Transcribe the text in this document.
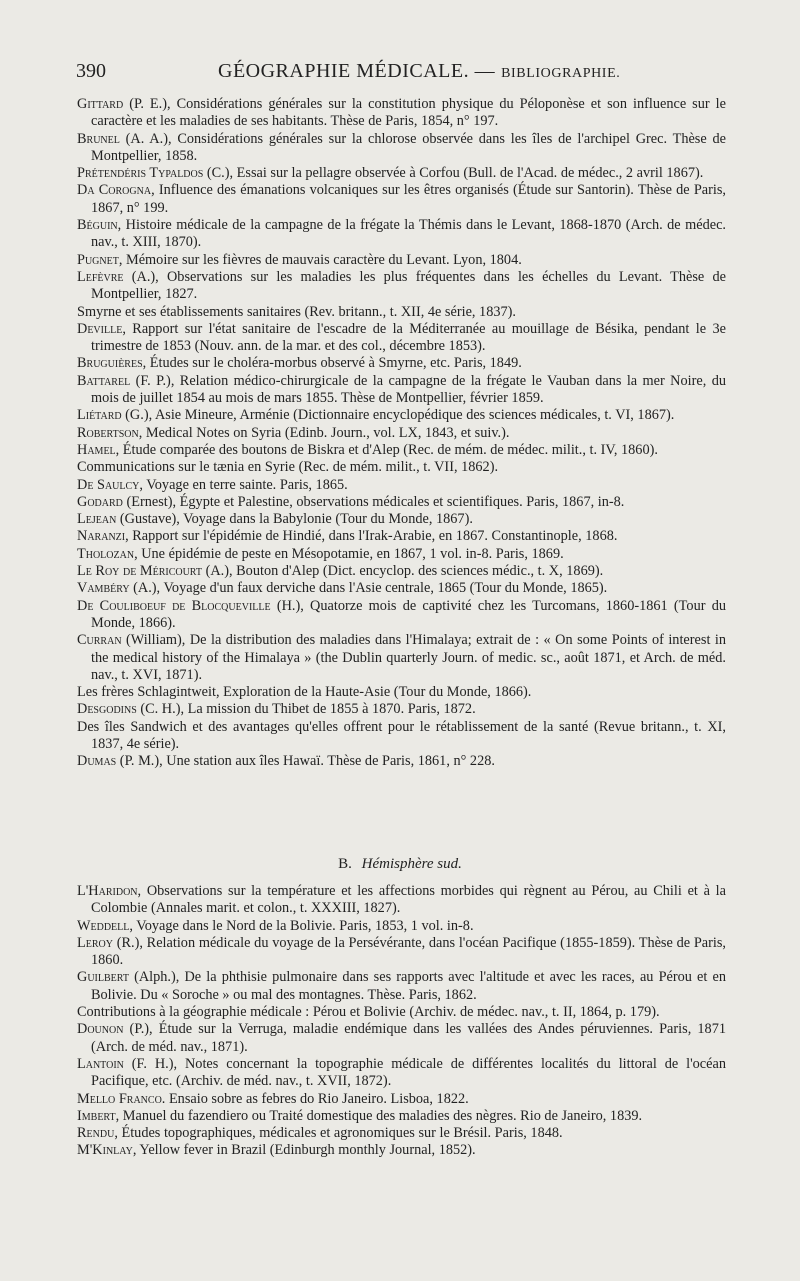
390	GÉOGRAPHIE MÉDICALE. — BIBLIOGRAPHIE.
Gittard (P. E.), Considérations générales sur la constitution physique du Péloponèse et son influence sur le caractère et les maladies de ses habitants. Thèse de Paris, 1854, n° 197.
Brunel (A. A.), Considérations générales sur la chlorose observée dans les îles de l'archipel Grec. Thèse de Montpellier, 1858.
Prétendéris Typaldos (C.), Essai sur la pellagre observée à Corfou (Bull. de l'Acad. de médec., 2 avril 1867).
Da Corogna, Influence des émanations volcaniques sur les êtres organisés (Étude sur Santorin). Thèse de Paris, 1867, n° 199.
Béguin, Histoire médicale de la campagne de la frégate la Thémis dans le Levant, 1868-1870 (Arch. de médec. nav., t. XIII, 1870).
Pugnet, Mémoire sur les fièvres de mauvais caractère du Levant. Lyon, 1804.
Lefèvre (A.), Observations sur les maladies les plus fréquentes dans les échelles du Levant. Thèse de Montpellier, 1827.
Smyrne et ses établissements sanitaires (Rev. britann., t. XII, 4e série, 1837).
Deville, Rapport sur l'état sanitaire de l'escadre de la Méditerranée au mouillage de Bésika, pendant le 3e trimestre de 1853 (Nouv. ann. de la mar. et des col., décembre 1853).
Bruguières, Études sur le choléra-morbus observé à Smyrne, etc. Paris, 1849.
Battarel (F. P.), Relation médico-chirurgicale de la campagne de la frégate le Vauban dans la mer Noire, du mois de juillet 1854 au mois de mars 1855. Thèse de Montpellier, février 1859.
Liétard (G.), Asie Mineure, Arménie (Dictionnaire encyclopédique des sciences médicales, t. VI, 1867).
Robertson, Medical Notes on Syria (Edinb. Journ., vol. LX, 1843, et suiv.).
Hamel, Étude comparée des boutons de Biskra et d'Alep (Rec. de mém. de médec. milit., t. IV, 1860).
Communications sur le tænia en Syrie (Rec. de mém. milit., t. VII, 1862).
De Saulcy, Voyage en terre sainte. Paris, 1865.
Godard (Ernest), Égypte et Palestine, observations médicales et scientifiques. Paris, 1867, in-8.
Lejean (Gustave), Voyage dans la Babylonie (Tour du Monde, 1867).
Naranzi, Rapport sur l'épidémie de Hindié, dans l'Irak-Arabie, en 1867. Constantinople, 1868.
Tholozan, Une épidémie de peste en Mésopotamie, en 1867, 1 vol. in-8. Paris, 1869.
Le Roy de Méricourt (A.), Bouton d'Alep (Dict. encyclop. des sciences médic., t. X, 1869).
Vambéry (A.), Voyage d'un faux derviche dans l'Asie centrale, 1865 (Tour du Monde, 1865).
De Couliboeuf de Blocqueville (H.), Quatorze mois de captivité chez les Turcomans, 1860-1861 (Tour du Monde, 1866).
Curran (William), De la distribution des maladies dans l'Himalaya; extrait de : « On some Points of interest in the medical history of the Himalaya » (the Dublin quarterly Journ. of medic. sc., août 1871, et Arch. de méd. nav., t. XVI, 1871).
Les frères Schlagintweit, Exploration de la Haute-Asie (Tour du Monde, 1866).
Desgodins (C. H.), La mission du Thibet de 1855 à 1870. Paris, 1872.
Des îles Sandwich et des avantages qu'elles offrent pour le rétablissement de la santé (Revue britann., t. XI, 1837, 4e série).
Dumas (P. M.), Une station aux îles Hawaï. Thèse de Paris, 1861, n° 228.
B. Hémisphère sud.
L'Haridon, Observations sur la température et les affections morbides qui règnent au Pérou, au Chili et à la Colombie (Annales marit. et colon., t. XXXIII, 1827).
Weddell, Voyage dans le Nord de la Bolivie. Paris, 1853, 1 vol. in-8.
Leroy (R.), Relation médicale du voyage de la Persévérante, dans l'océan Pacifique (1855-1859). Thèse de Paris, 1860.
Guilbert (Alph.), De la phthisie pulmonaire dans ses rapports avec l'altitude et avec les races, au Pérou et en Bolivie. Du « Soroche » ou mal des montagnes. Thèse. Paris, 1862.
Contributions à la géographie médicale : Pérou et Bolivie (Archiv. de médec. nav., t. II, 1864, p. 179).
Dounon (P.), Étude sur la Verruga, maladie endémique dans les vallées des Andes péruviennes. Paris, 1871 (Arch. de méd. nav., 1871).
Lantoin (F. H.), Notes concernant la topographie médicale de différentes localités du littoral de l'océan Pacifique, etc. (Archiv. de méd. nav., t. XVII, 1872).
Mello Franco. Ensaio sobre as febres do Rio Janeiro. Lisboa, 1822.
Imbert, Manuel du fazendiero ou Traité domestique des maladies des nègres. Rio de Janeiro, 1839.
Rendu, Études topographiques, médicales et agronomiques sur le Brésil. Paris, 1848.
M'Kinlay, Yellow fever in Brazil (Edinburgh monthly Journal, 1852).
